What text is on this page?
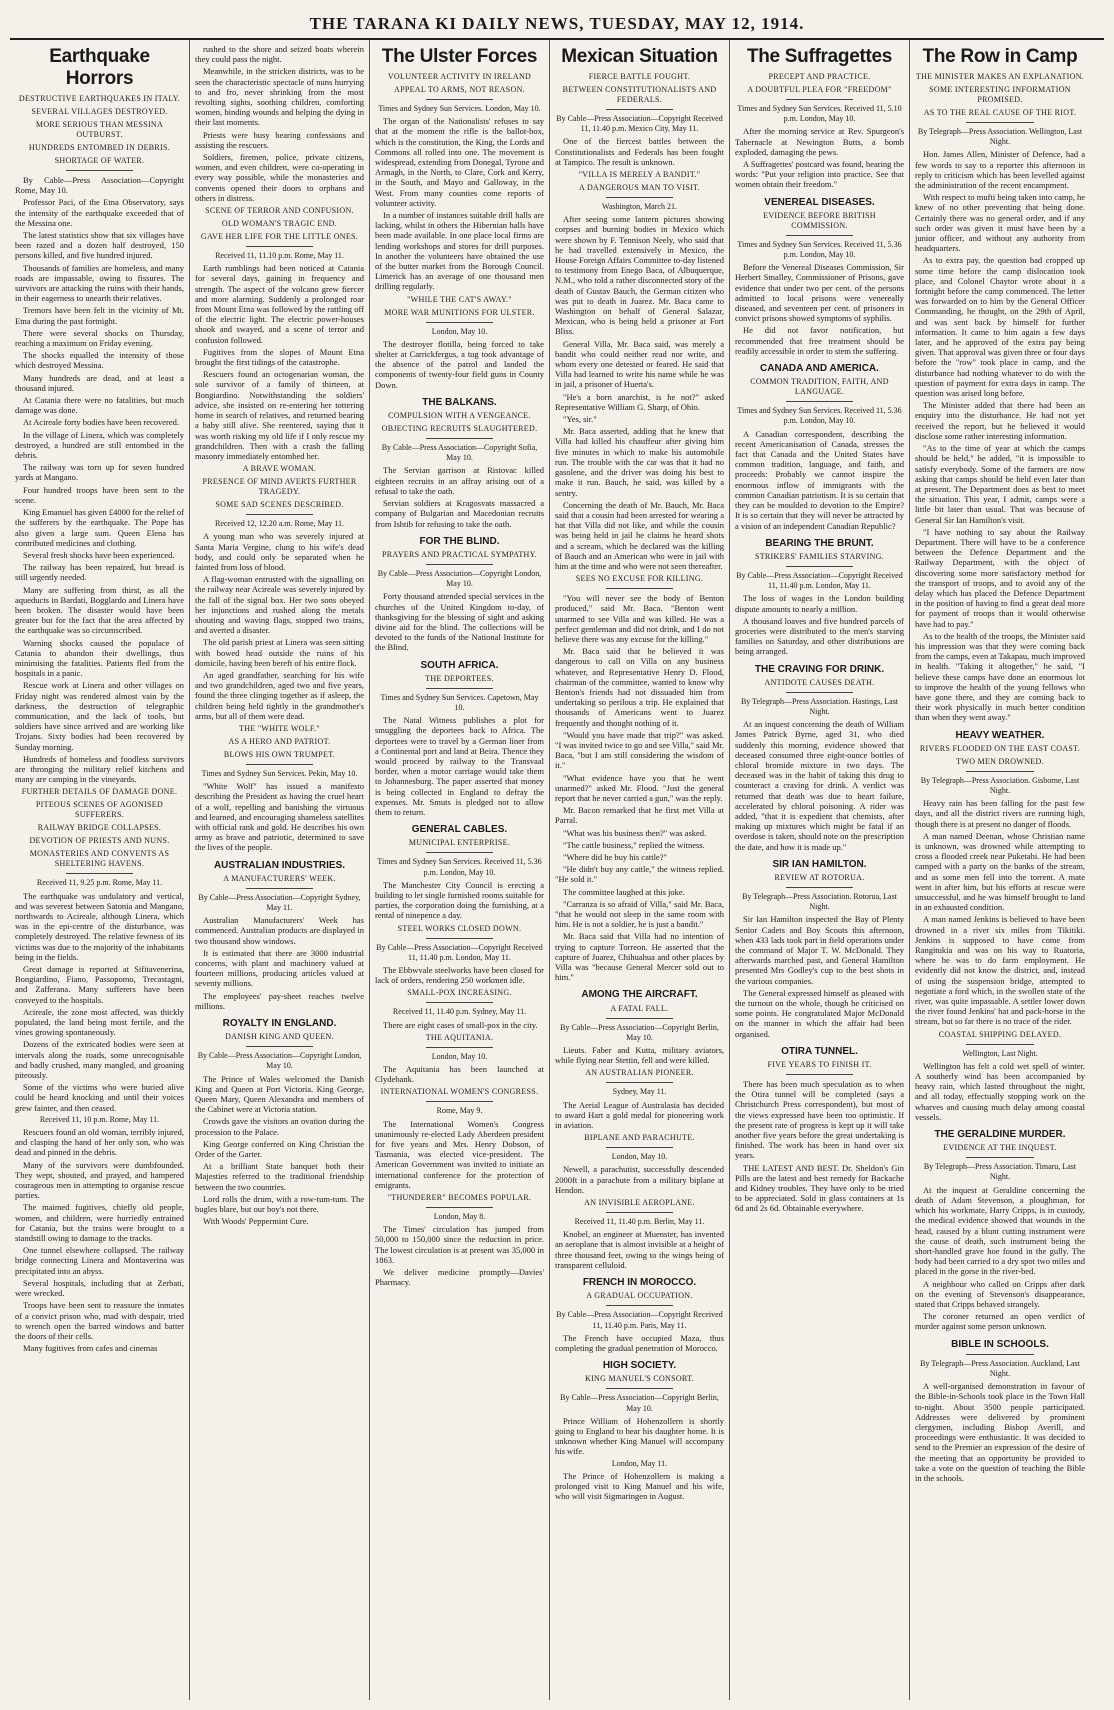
THE TARANA KI DAILY NEWS, TUESDAY, MAY 12, 1914.
Earthquake Horrors
DESTRUCTIVE EARTHQUAKES IN ITALY.
SEVERAL VILLAGES DESTROYED.
MORE SERIOUS THAN MESSINA OUTBURST.
HUNDREDS ENTOMBED IN DEBRIS.
SHORTAGE OF WATER.

By Cable—Press Association—Copyright Rome, May 10.

Professor Paci, of the Etna Observatory, says the intensity of the earthquake exceeded that of the Messina one.

The latest statistics show that six villages have been razed and a dozen half destroyed, 150 persons killed, and five hundred injured.

Thousands of families are homeless, and many roads are impassable, owing to fissures. The survivors are attacking the ruins with their hands, in their eagerness to unearth their relatives.

Tremors have been felt in the vicinity of Mt. Etna during the past fortnight.

There were several shocks on Thursday, reaching a maximum on Friday evening.

The shocks equalled the intensity of those which destroyed Messina.

Many hundreds are dead, and at least a thousand injured.

At Catania there were no fatalities, but much damage was done.

At Acireale forty bodies have been recovered.

In the village of Linera, which was completely destroyed, a hundred are still entombed in the debris.

The railway was torn up for seven hundred yards at Mangano.

Four hundred troops have been sent to the scene.

King Emanuel has given £4000 for the relief of the sufferers by the earthquake. The Pope has also given a large sum. Queen Elena has contributed medicines and clothing.

Several fresh shocks have been experienced.

The railway has been repaired, but bread is still urgently needed.

Many are suffering from thirst, as all the aqueducts in Bardati, Bogglardo and Linera have been broken. The disaster would have been greater but for the fact that the area affected by the earthquake was so circumscribed.

Warning shocks caused the populace of Catania to abandon their dwellings, thus minimising the fatalities. Patients fled from the hospitals in a panic.

Rescue work at Linera and other villages on Friday night was rendered almost vain by the darkness, the destruction of telegraphic communication, and the lack of tools, but soldiers have since arrived and are working like Trojans. Sixty bodies had been recovered by Sunday morning.

Hundreds of homeless and foodless survivors are thronging the military relief kitchens and many are camping in the vineyards.

FURTHER DETAILS OF DAMAGE DONE.
PITEOUS SCENES OF AGONISED SUFFERERS.
RAILWAY BRIDGE COLLAPSES.
DEVOTION OF PRIESTS AND NUNS.
MONASTERIES AND CONVENTS AS SHELTERING HAVENS.
Received 11, 9.25 p.m. Rome, May 11.

The earthquake was undulatory and vertical, and was severest between Satonia and Mangano, northwards to Acireale, although Linera, which was in the epi-centre of the disturbance, was completely destroyed. The relative fewness of its victims was due to the majority of the inhabitants being in the fields.

Great damage is reported at Sifitavenerina, Bongiardino, Fiano, Passopomo, Trecastagni, and Zafferana. Many sufferers have been conveyed to the hospitals.

Acireale, the zone most affected, was thickly populated, the land being most fertile, and the vines growing spontaneously.

Dozens of the extricated bodies were seen at intervals along the roads, some unrecognisable and badly crushed, many mangled, and groaning piteously.

Some of the victims who were buried alive could be heard knocking and until their voices grew fainter, and then ceased.

Received 11, 10 p.m. Rome, May 11.

Rescuers found an old woman, terribly injured, and clasping the hand of her only son, who was dead and pinned in the debris.

Many of the survivors were dumbfounded. They wept, shouted, and prayed, and hampered courageous men in attempting to organise rescue parties.

The maimed fugitives, chiefly old people, women, and children, were hurriedly entrained for Catania, but the trains were brought to a standstill owing to damage to the tracks.

One tunnel elsewhere collapsed. The railway bridge connecting Linera and Montaverina was precipitated into an abyss.

Several hospitals, including that at Zerbati, were wrecked.

Troops have been sent to reassure the inmates of a convict prison who, mad with despair, tried to wrench open the barred windows and batter the doors of their cells.

Many fugitives from cafes and cinemas

rushed to the shore and seized boats wherein they could pass the night.

Meanwhile, in the stricken districts, was to be seen the characteristic spectacle of nuns hurrying to and fro, never shrinking from the most revolting sights, soothing children, comforting women, binding wounds and helping the dying in their last moments.

Priests were busy hearing confessions and assisting the rescuers.

Soldiers, firemen, police, private citizens, women, and even children, were co-operating in every way possible, while the monasteries and convents opened their doors to orphans and others in distress.

SCENE OF TERROR AND CONFUSION.
OLD WOMAN'S TRAGIC END.
GAVE HER LIFE FOR THE LITTLE ONES.
Received 11, 11.10 p.m. Rome, May 11.

Earth rumblings had been noticed at Catania for several days, gaining in frequency and strength. The aspect of the volcano grew fiercer and more alarming. Suddenly a prolonged roar from Mount Etna was followed by the rattling off of the electric light. The electric power-houses shook and swayed, and a scene of terror and confusion followed.

Fugitives from the slopes of Mount Etna brought the first tidings of the catastrophe.

Rescuers found an octogenarian woman, the sole survivor of a family of thirteen, at Bongiardino. Notwithstanding the soldiers' advice, she insisted on re-entering her tottering home in search of relatives, and returned bearing a baby still alive. She reentered, saying that it was worth risking my old life if I only rescue my grandchildren. Then with a crash the falling masonry immediately entombed her.

A BRAVE WOMAN.
PRESENCE OF MIND AVERTS FURTHER TRAGEDY.
SOME SAD SCENES DESCRIBED.
Received 12, 12.20 a.m. Rome, May 11.

A young man who was severely injured at Santa Maria Vergine, clung to his wife's dead body, and could only be separated when he fainted from loss of blood.

A flag-woman entrusted with the signalling on the railway near Acireale was severely injured by the fall of the signal box. Her two sons obeyed her injunctions and rushed along the metals shouting and waving flags, stopped two trains, and averted a disaster.

The old parish priest at Linera was seen sitting with bowed head outside the ruins of his domicile, having been bereft of his entire flock.

An aged grandfather, searching for his wife and two grandchildren, aged two and five years, found the three clinging together as if asleep, the children being held tightly in the grandmother's arms, but all of them were dead.

THE "WHITE WOLF."
AS A HERO AND PATRIOT.
BLOWS HIS OWN TRUMPET.
Times and Sydney Sun Services. Pekin, May 10.

"White Wolf" has issued a manifesto describing the President as having the cruel heart of a wolf, repelling and banishing the virtuous and learned, and encouraging shameless satellites with official rank and gold. He describes his own army as brave and patriotic, determined to save the lives of the people.

AUSTRALIAN INDUSTRIES.
A MANUFACTURERS' WEEK.
By Cable—Press Association—Copyright Sydney, May 11.

Australian Manufacturers' Week has commenced. Australian products are displayed in two thousand show windows.

It is estimated that there are 3000 industrial concerns, with plant and machinery valued at fourteen millions, producing articles valued at seventy millions.

The employees' pay-sheet reaches twelve millions.

ROYALTY IN ENGLAND.
DANISH KING AND QUEEN.
By Cable—Press Association—Copyright London, May 10.

The Prince of Wales welcomed the Danish King and Queen at Port Victoria. King George, Queen Mary, Queen Alexandra and members of the Cabinet were at Victoria station.

Crowds gave the visitors an ovation during the procession to the Palace.

King George conferred on King Christian the Order of the Garter.

At a brilliant State banquet both their Majesties referred to the traditional friendship between the two countries.

Lord rolls the drum, with a row-tum-tum. The bugles blare, but our boy's not there.

With Woods' Peppermint Cure.

The Ulster Forces
VOLUNTEER ACTIVITY IN IRELAND
APPEAL TO ARMS, NOT REASON.
Times and Sydney Sun Services. London, May 10.

The organ of the Nationalists' refuses to say that at the moment the rifle is the ballot-box, which is the constitution, the King, the Lords and Commons all rolled into one. The movement is widespread, extending from Donegal, Tyrone and Armagh, in the North, to Clare, Cork and Kerry, in the South, and Mayo and Galloway, in the West. From many counties come reports of volunteer activity.

In a number of instances suitable drill halls are lacking, whilst in others the Hibernian halls have been made available. In one place local firms are lending workshops and stores for drill purposes. In another the volunteers have obtained the use of the butter market from the Borough Council. Limerick has an average of one thousand men drilling regularly.

"WHILE THE CAT'S AWAY."
MORE WAR MUNITIONS FOR ULSTER.
London, May 10.

The destroyer flotilla, being forced to take shelter at Carrickfergus, a tug took advantage of the absence of the patrol and landed the components of twenty-four field guns in County Down.

THE BALKANS.
COMPULSION WITH A VENGEANCE.
OBJECTING RECRUITS SLAUGHTERED.
By Cable—Press Association—Copyright Sofia, May 10.

The Servian garrison at Ristovac killed eighteen recruits in an affray arising out of a refusal to take the oath.

Servian soldiers at Kragosvats massacred a company of Bulgarian and Macedonian recruits from Ishtib for refusing to take the oath.

FOR THE BLIND.
PRAYERS AND PRACTICAL SYMPATHY.
By Cable—Press Association—Copyright London, May 10.

Forty thousand attended special services in the churches of the United Kingdom to-day, of thanksgiving for the blessing of sight and asking divine aid for the blind. The collections will be devoted to the funds of the National Institute for the Blind.

SOUTH AFRICA.
THE DEPORTEES.
Times and Sydney Sun Services. Capetown, May 10.

The Natal Witness publishes a plot for smuggling the deportees back to Africa. The deportees were to travel by a German liner from a Continental port and land at Beira. Thence they would proceed by railway to the Transvaal border, when a motor carriage would take them to Johannesburg. The paper asserted that money is being collected in England to defray the expenses. Mr. Smuts is pledged not to allow them to return.

GENERAL CABLES.
MUNICIPAL ENTERPRISE.
Times and Sydney Sun Services. Received 11, 5.36 p.m. London, May 10.

The Manchester City Council is erecting a building to let single furnished rooms suitable for parties, the corporation doing the furnishing, at a rental of ninepence a day.

STEEL WORKS CLOSED DOWN.
By Cable—Press Association—Copyright Received 11, 11.40 p.m. London, May 11.

The Ebbwvale steelworks have been closed for lack of orders, rendering 250 workmen idle.

SMALL-POX INCREASING.
Received 11, 11.40 p.m. Sydney, May 11.

There are eight cases of small-pox in the city.

THE AQUITANIA.
London, May 10.

The Aquitania has been launched at Clydebank.

INTERNATIONAL WOMEN'S CONGRESS.
Rome, May 9.

The International Women's Congress unanimously re-elected Lady Aberdeen president for five years and Mrs. Henry Dobson, of Tasmania, was elected vice-president. The American Government was invited to initiate an international conference for the protection of emigrants.

"THUNDERER" BECOMES POPULAR.
London, May 8.

The Times' circulation has jumped from 50,000 to 150,000 since the reduction in price. The lowest circulation is at present was 35,000 in 1863.

We deliver medicine promptly—Davies' Pharmacy.

Mexican Situation
FIERCE BATTLE FOUGHT.
BETWEEN CONSTITUTIONALISTS AND FEDERALS.
By Cable—Press Association—Copyright Received 11, 11.40 p.m. Mexico City, May 11.

One of the fiercest battles between the Constitutionalists and Federals has been fought at Tampico. The result is unknown.

"VILLA IS MERELY A BANDIT."
A DANGEROUS MAN TO VISIT.
Washington, March 21.

After seeing some lantern pictures showing corpses and burning bodies in Mexico which were shown by F. Tennison Neely, who said that he had travelled extensively in Mexico, the House Foreign Affairs Committee to-day listened to testimony from Enego Baca, of Albuquerque, N.M., who told a rather disconnected story of the death of Gustav Bauch, the German citizen who was put to death in Juarez. Mr. Baca came to Washington on behalf of General Salazar, Mexican, who is being held a prisoner at Fort Bliss.

General Villa, Mr. Baca said, was merely a bandit who could neither read nor write, and whom every one detested or feared. He said that Villa had learned to write his name while he was in jail, a prisoner of Huerta's.

"He's a born anarchist, is he not?" asked Representative William G. Sharp, of Ohio.

"Yes, sir."

Mr. Baca asserted, adding that he knew that Villa had killed his chauffeur after giving him five minutes in which to make his automobile run. The trouble with the car was that it had no gasolene, and the driver was doing his best to make it run. Bauch, he said, was killed by a sentry.

Concerning the death of Mr. Bauch, Mr. Baca said that a cousin had been arrested for wearing a hat that Villa did not like, and while the cousin was being held in jail he claims he heard shots and a scream, which he declared was the killing of Bauch and an American who were in jail with him at the time and who were not seen thereafter.

SEES NO EXCUSE FOR KILLING.

"You will never see the body of Benton produced," said Mr. Baca. "Benton went unarmed to see Villa and was killed. He was a perfect gentleman and did not drink, and I do not believe there was any excuse for the killing."

Mr. Baca said that he believed it was dangerous to call on Villa on any business whatever, and Representative Henry D. Flood, chairman of the committee, wanted to know why Benton's friends had not dissuaded him from undertaking so perilous a trip. He explained that thousands of Americans went to Juarez frequently and thought nothing of it.

"Would you have made that trip?" was asked. "I was invited twice to go and see Villa," said Mr. Baca, "but I am still considering the wisdom of it."

"What evidence have you that he went unarmed?" asked Mr. Flood. "Just the general report that he never carried a gun," was the reply.

Mr. Bacon remarked that he first met Villa at Parral.

"What was his business then?" was asked.

"The cattle business," replied the witness.

"Where did he buy his cattle?"

"He didn't buy any cattle," the witness replied. "He sold it."

The committee laughed at this joke.

"Carranza is so afraid of Villa," said Mr. Baca, "that he would not sleep in the same room with him. He is not a soldier, he is just a bandit."

Mr. Baca said that Villa had no intention of trying to capture Torreon. He asserted that the capture of Juarez, Chihuahua and other places by Villa was "because General Mercer sold out to him."

AMONG THE AIRCRAFT.
A FATAL FALL.
By Cable—Press Association—Copyright Berlin, May 10.

Lieuts. Faber and Kutta, military aviators, while flying near Stettin, fell and were killed.

AN AUSTRALIAN PIONEER.
Sydney, May 11.

The Aerial League of Australasia has decided to award Hart a gold medal for pioneering work in aviation.

BIPLANE AND PARACHUTE.
London, May 10.

Newell, a parachutist, successfully descended 2000ft in a parachute from a military biplane at Hendon.

AN INVISIBLE AEROPLANE.
Received 11, 11.40 p.m. Berlin, May 11.

Knobel, an engineer at Muenster, has invented an aeroplane that is almost invisible at a height of three thousand feet, owing to the wings being of transparent celluloid.

FRENCH IN MOROCCO.
A GRADUAL OCCUPATION.
By Cable—Press Association—Copyright Received 11, 11.40 p.m. Paris, May 11.

The French have occupied Maza, thus completing the gradual penetration of Morocco.

HIGH SOCIETY.
KING MANUEL'S CONSORT.
By Cable—Press Association—Copyright Berlin, May 10.

Prince William of Hohenzollern is shortly going to England to hear his daughter home. It is unknown whether King Manuel will accompany his wife.

London, May 11.

The Prince of Hohenzollern is making a prolonged visit to King Manuel and his wife, who will visit Sigmaringen in August.

The Suffragettes
PRECEPT AND PRACTICE.
A DOUBTFUL PLEA FOR "FREEDOM"
Times and Sydney Sun Services. Received 11, 5.10 p.m. London, May 10.

After the morning service at Rev. Spurgeon's Tabernacle at Newington Butts, a bomb exploded, damaging the pews.

A Suffragettes' postcard was found, bearing the words: "Put your religion into practice. See that women obtain their freedom."

VENEREAL DISEASES.
EVIDENCE BEFORE BRITISH COMMISSION.
Times and Sydney Sun Services. Received 11, 5.36 p.m. London, May 10.

Before the Venereal Diseases Commission, Sir Herbert Smalley, Commissioner of Prisons, gave evidence that under two per cent. of the persons admitted to local prisons were venereally diseased, and seventeen per cent. of prisoners in convict prisons showed symptoms of syphilis.

He did not favor notification, but recommended that free treatment should be readily accessible in order to stem the suffering.

CANADA AND AMERICA.
COMMON TRADITION, FAITH, AND LANGUAGE.
Times and Sydney Sun Services. Received 11, 5.36 p.m. London, May 10.

A Canadian correspondent, describing the recent Americanisation of Canada, stresses the fact that Canada and the United States have common tradition, language, and faith, and proceeds: Probably we cannot inspire the enormous inflow of immigrants with the common Canadian patriotism. It is so certain that they can be moulded to devotion to the Empire? It is so certain that they will never be attracted by a vision of an independent Canadian Republic?

BEARING THE BRUNT.
STRIKERS' FAMILIES STARVING.
By Cable—Press Association—Copyright Received 11, 11.40 p.m. London, May 11.

The loss of wages in the London building dispute amounts to nearly a million.

A thousand loaves and five hundred parcels of groceries were distributed to the men's starving families on Saturday, and other distributions are being arranged.

THE CRAVING FOR DRINK.
ANTIDOTE CAUSES DEATH.
By Telegraph—Press Association. Hastings, Last Night.

At an inquest concerning the death of William James Patrick Byrne, aged 31, who died suddenly this morning, evidence showed that deceased consumed three eight-ounce bottles of chloral bromide mixture in two days. The deceased was in the habit of taking this drug to counteract a craving for drink. A verdict was returned that death was due to heart failure, accelerated by chloral poisoning. A rider was added, "that it is expedient that chemists, after making up mixtures which might be fatal if an overdose is taken, should note on the prescription the date, and how it is made up."

SIR IAN HAMILTON.
REVIEW AT ROTORUA.
By Telegraph—Press Association. Rotorua, Last Night.

Sir Ian Hamilton inspected the Bay of Plenty Senior Cadets and Boy Scouts this afternoon, when 433 lads took part in field operations under the command of Major T. W. McDonald. They afterwards marched past, and General Hamilton presented Mrs Godley's cup to the best shots in the various companies.

The General expressed himself as pleased with the turnout on the whole, though he criticised on some points. He congratulated Major McDonald on the manner in which the affair had been organised.

OTIRA TUNNEL.
FIVE YEARS TO FINISH IT.

There has been much speculation as to when the Otira tunnel will be completed (says a Christchurch Press correspondent), but most of the views expressed have been too optimistic. If the present rate of progress is kept up it will take another five years before the great undertaking is finished. The work has been in hand over six years.

THE LATEST AND BEST. Dr. Sheldon's Gin Pills are the latest and best remedy for Backache and Kidney troubles. They have only to be tried to be appreciated. Sold in glass containers at 1s 6d and 2s 6d. Obtainable everywhere.

The Row in Camp
THE MINISTER MAKES AN EXPLANATION.
SOME INTERESTING INFORMATION PROMISED.
AS TO THE REAL CAUSE OF THE RIOT.
By Telegraph—Press Association. Wellington, Last Night.

Hon. James Allen, Minister of Defence, had a few words to say to a reporter this afternoon in reply to criticism which has been levelled against the administration of the recent encampment.

With respect to mufti being taken into camp, he knew of no other preventing that being done. Certainly there was no general order, and if any such order was given it must have been by a junior officer, and without any authority from headquarters.

As to extra pay, the question had cropped up some time before the camp dislocation took place, and Colonel Chaytor wrote about it a fortnight before the camp commenced. The letter was forwarded on to him by the General Officer Commanding, he thought, on the 29th of April, and was sent back by himself for further information. It came to him again a few days later, and he approved of the extra pay being given. That approval was given three or four days before the "row" took place in camp, and the disturbance had nothing whatever to do with the question of payment for extra days in camp. The question was arised long before.

The Minister added that there had been an enquiry into the disturbance. He had not yet received the report, but he believed it would disclose some rather interesting information.

"As to the time of year at which the camps should be held," he added, "it is impossible to satisfy everybody. Some of the farmers are now asking that camps should be held even later than at present. The Department does as best to meet the situation. This year, I admit, camps were a little bit later than usual. That was because of General Sir Ian Hamilton's visit.

"I have nothing to say about the Railway Department. There will have to be a conference between the Defence Department and the Railway Department, with the object of discovering some more satisfactory method for the transport of troops, and to avoid any of the delay which has placed the Defence Department in the position of having to find a great deal more for payment of troops than it would otherwise have had to pay."

As to the health of the troops, the Minister said his impression was that they were coming back from the camps, even at Takapau, much improved in health. "Taking it altogether," he said, "I believe these camps have done an enormous lot to improve the health of the young fellows who have gone there, and they are coming back to their work physically in much better condition than when they went away."

HEAVY WEATHER.
RIVERS FLOODED ON THE EAST COAST.
TWO MEN DROWNED.
By Telegraph—Press Association. Gisborne, Last Night.

Heavy rain has been falling for the past few days, and all the district rivers are running high, though there is at present no danger of floods.

A man named Deenan, whose Christian name is unknown, was drowned while attempting to cross a flooded creek near Puketahi. He had been camped with a party on the banks of the stream, and as some men fell into the torrent. A mate went in after him, but his efforts at rescue were unsuccessful, and he was himself brought to land in an exhausted condition.

A man named Jenkins is believed to have been drowned in a river six miles from Tikitiki. Jenkins is supposed to have come from Rangitukia and was on his way to Ruatoria, where he was to do farm employment. He evidently did not know the district, and, instead of using the suspension bridge, attempted to negotiate a ford which, in the swollen state of the river, was quite impassable. A settler lower down the river found Jenkins' hat and pack-horse in the stream, but so far there is no trace of the rider.

COASTAL SHIPPING DELAYED.
Wellington, Last Night.

Wellington has felt a cold wet spell of winter. A southerly wind has been accompanied by heavy rain, which lasted throughout the night, and all today, effectually stopping work on the wharves and causing much delay among coastal vessels.

THE GERALDINE MURDER.
EVIDENCE AT THE INQUEST.
By Telegraph—Press Association. Timaru, Last Night.

At the inquest at Geraldine concerning the death of Adam Stevenson, a ploughman, for which his workmate, Harry Cripps, is in custody, the medical evidence showed that wounds in the head, caused by a blunt cutting instrument were the cause of death, such instrument being the short-handled grave hoe found in the gully. The body had been carried to a dry spot two miles and placed in the gorse in the river-bed.

A neighbour who called on Cripps after dark on the evening of Stevenson's disappearance, stated that Cripps behaved strangely.

The coroner returned an open verdict of murder against some person unknown.

BIBLE IN SCHOOLS.
By Telegraph—Press Association. Auckland, Last Night.

A well-organised demonstration in favour of the Bible-in-Schools took place in the Town Hall to-night. About 3500 people participated. Addresses were delivered by prominent clergymen, including Bishop Averill, and proceedings were enthusiastic. It was decided to send to the Premier an expression of the desire of the meeting that an opportunity be provided to take a vote on the question of teaching the Bible in the schools.
